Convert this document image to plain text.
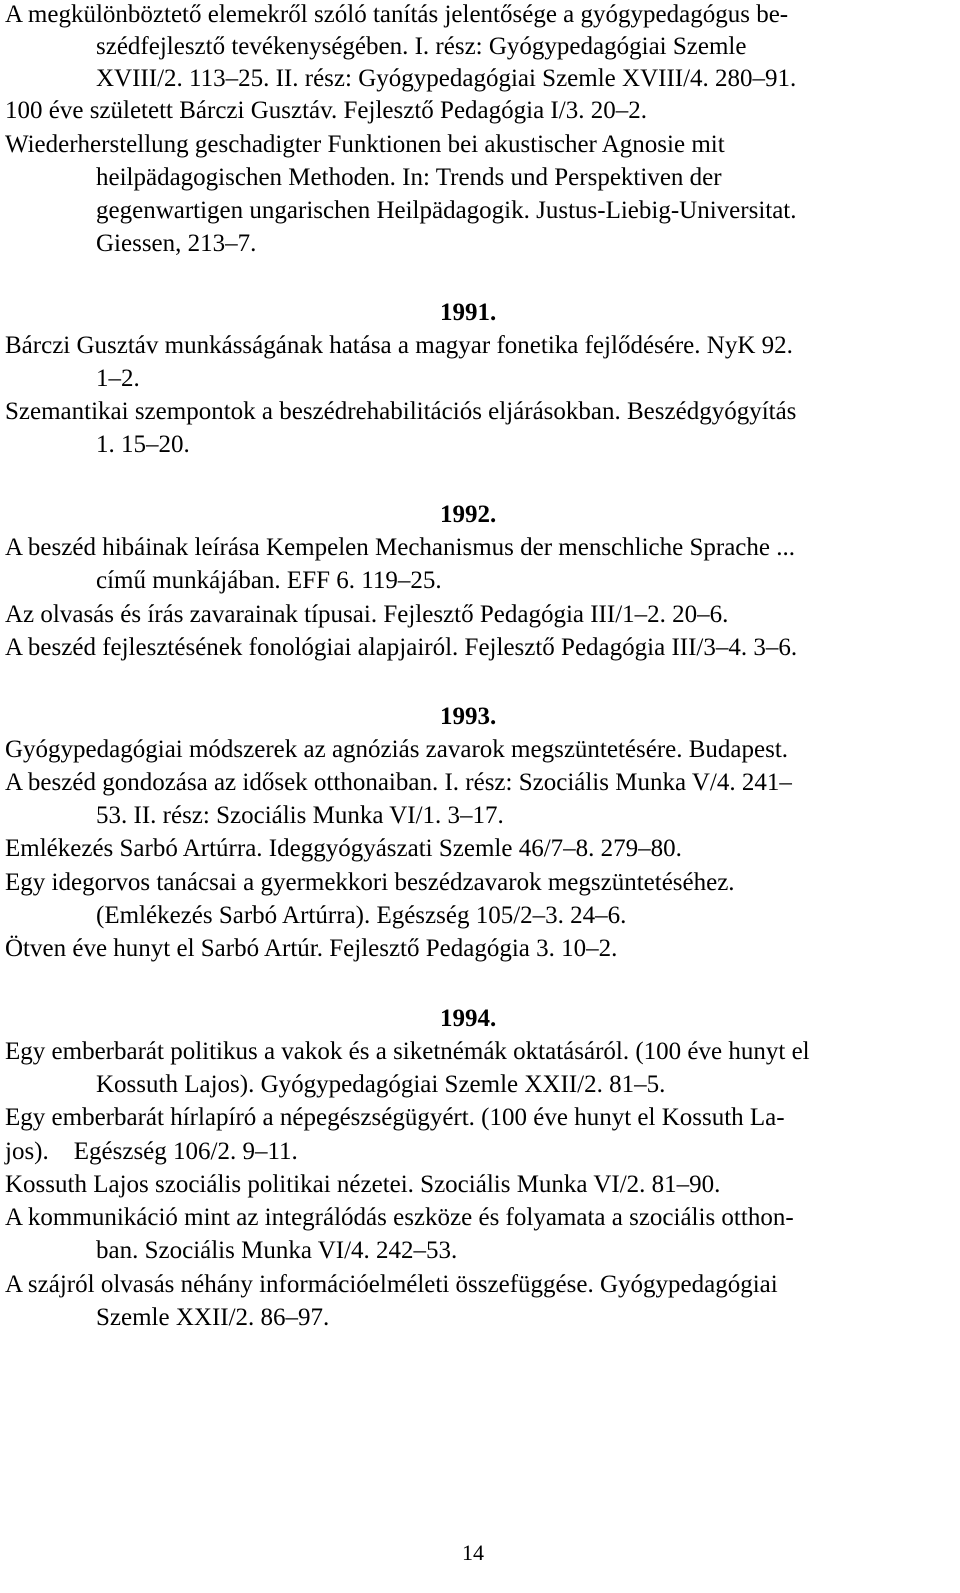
A megkülönböztető elemekről szóló tanítás jelentősége a gyógypedagógus be-
szédfejlesztő tevékenységében. I. rész: Gyógypedagógiai Szemle
XVIII/2. 113–25. II. rész: Gyógypedagógiai Szemle XVIII/4. 280–91.
100 éve született Bárczi Gusztáv. Fejlesztő Pedagógia I/3. 20–2.
Wiederherstellung geschadigter Funktionen bei akustischer Agnosie mit
heilpädagogischen Methoden. In: Trends und Perspektiven der
gegenwartigen ungarischen Heilpädagogik. Justus-Liebig-Universitat.
Giessen, 213–7.
1991.
Bárczi Gusztáv munkásságának hatása a magyar fonetika fejlődésére. NyK 92.
1–2.
Szemantikai szempontok a beszédrehabilitációs eljárásokban. Beszédgyógyítás
1. 15–20.
1992.
A beszéd hibáinak leírása Kempelen Mechanismus der menschliche Sprache ...
című munkájában. EFF 6. 119–25.
Az olvasás és írás zavarainak típusai. Fejlesztő Pedagógia III/1–2. 20–6.
A beszéd fejlesztésének fonológiai alapjairól. Fejlesztő Pedagógia III/3–4. 3–6.
1993.
Gyógypedagógiai módszerek az agnóziás zavarok megszüntetésére. Budapest.
A beszéd gondozása az idősek otthonaiban. I. rész: Szociális Munka V/4. 241–
53. II. rész: Szociális Munka VI/1. 3–17.
Emlékezés Sarbó Artúrra. Ideggyógyászati Szemle 46/7–8. 279–80.
Egy idegorvos tanácsai a gyermekkori beszédzavarok megszüntetéséhez.
(Emlékezés Sarbó Artúrra). Egészség 105/2–3. 24–6.
Ötven éve hunyt el Sarbó Artúr. Fejlesztő Pedagógia 3. 10–2.
1994.
Egy emberbarát politikus a vakok és a siketnémák oktatásáról. (100 éve hunyt el
Kossuth Lajos). Gyógypedagógiai Szemle XXII/2. 81–5.
Egy emberbarát hírlapíró a népegészségügyért. (100 éve hunyt el Kossuth La-
jos).    Egészség 106/2. 9–11.
Kossuth Lajos szociális politikai nézetei. Szociális Munka VI/2. 81–90.
A kommunikáció mint az integrálódás eszköze és folyamata a szociális otthon-
ban. Szociális Munka VI/4. 242–53.
A szájról olvasás néhány információelméleti összefüggése. Gyógypedagógiai
Szemle XXII/2. 86–97.
14
